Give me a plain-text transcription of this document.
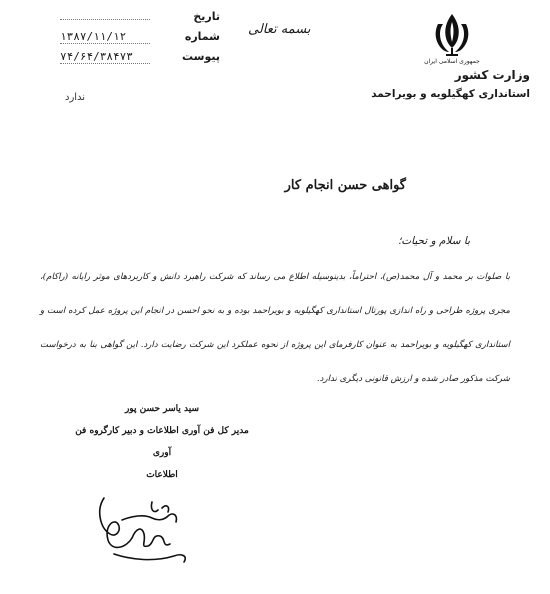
تاریخ
شماره
۱۳۸۷/۱۱/۱۲
پیوست
۷۴/۶۴/۳۸۴۷۳
ندارد
بسمه تعالی
جمهوری اسلامی ایران
وزارت کشور
استانداری کهگیلویه و بویراحمد
گواهی حسن انجام کار
با سلام و تحیات؛
با صلوات بر محمد و آل محمد(ص)، احتراماً، بدینوسیله اطلاع می رساند که شرکت راهبرد دانش و کاربردهای موثر رایانه (راکام)، مجری پروژه طراحی و راه اندازی پورتال استانداری کهگیلویه و بویراحمد بوده و به نحو احسن در انجام این پروژه عمل کرده است و استانداری کهگیلویه و بویراحمد به عنوان کارفرمای این پروژه از نحوه عملکرد این شرکت رضایت دارد. این گواهی بنا به درخواست شرکت مذکور صادر شده و ارزش قانونی دیگری ندارد.
سید یاسر حسن پور
مدیر کل فن آوری اطلاعات و دبیر کارگروه فن آوری
اطلاعات
